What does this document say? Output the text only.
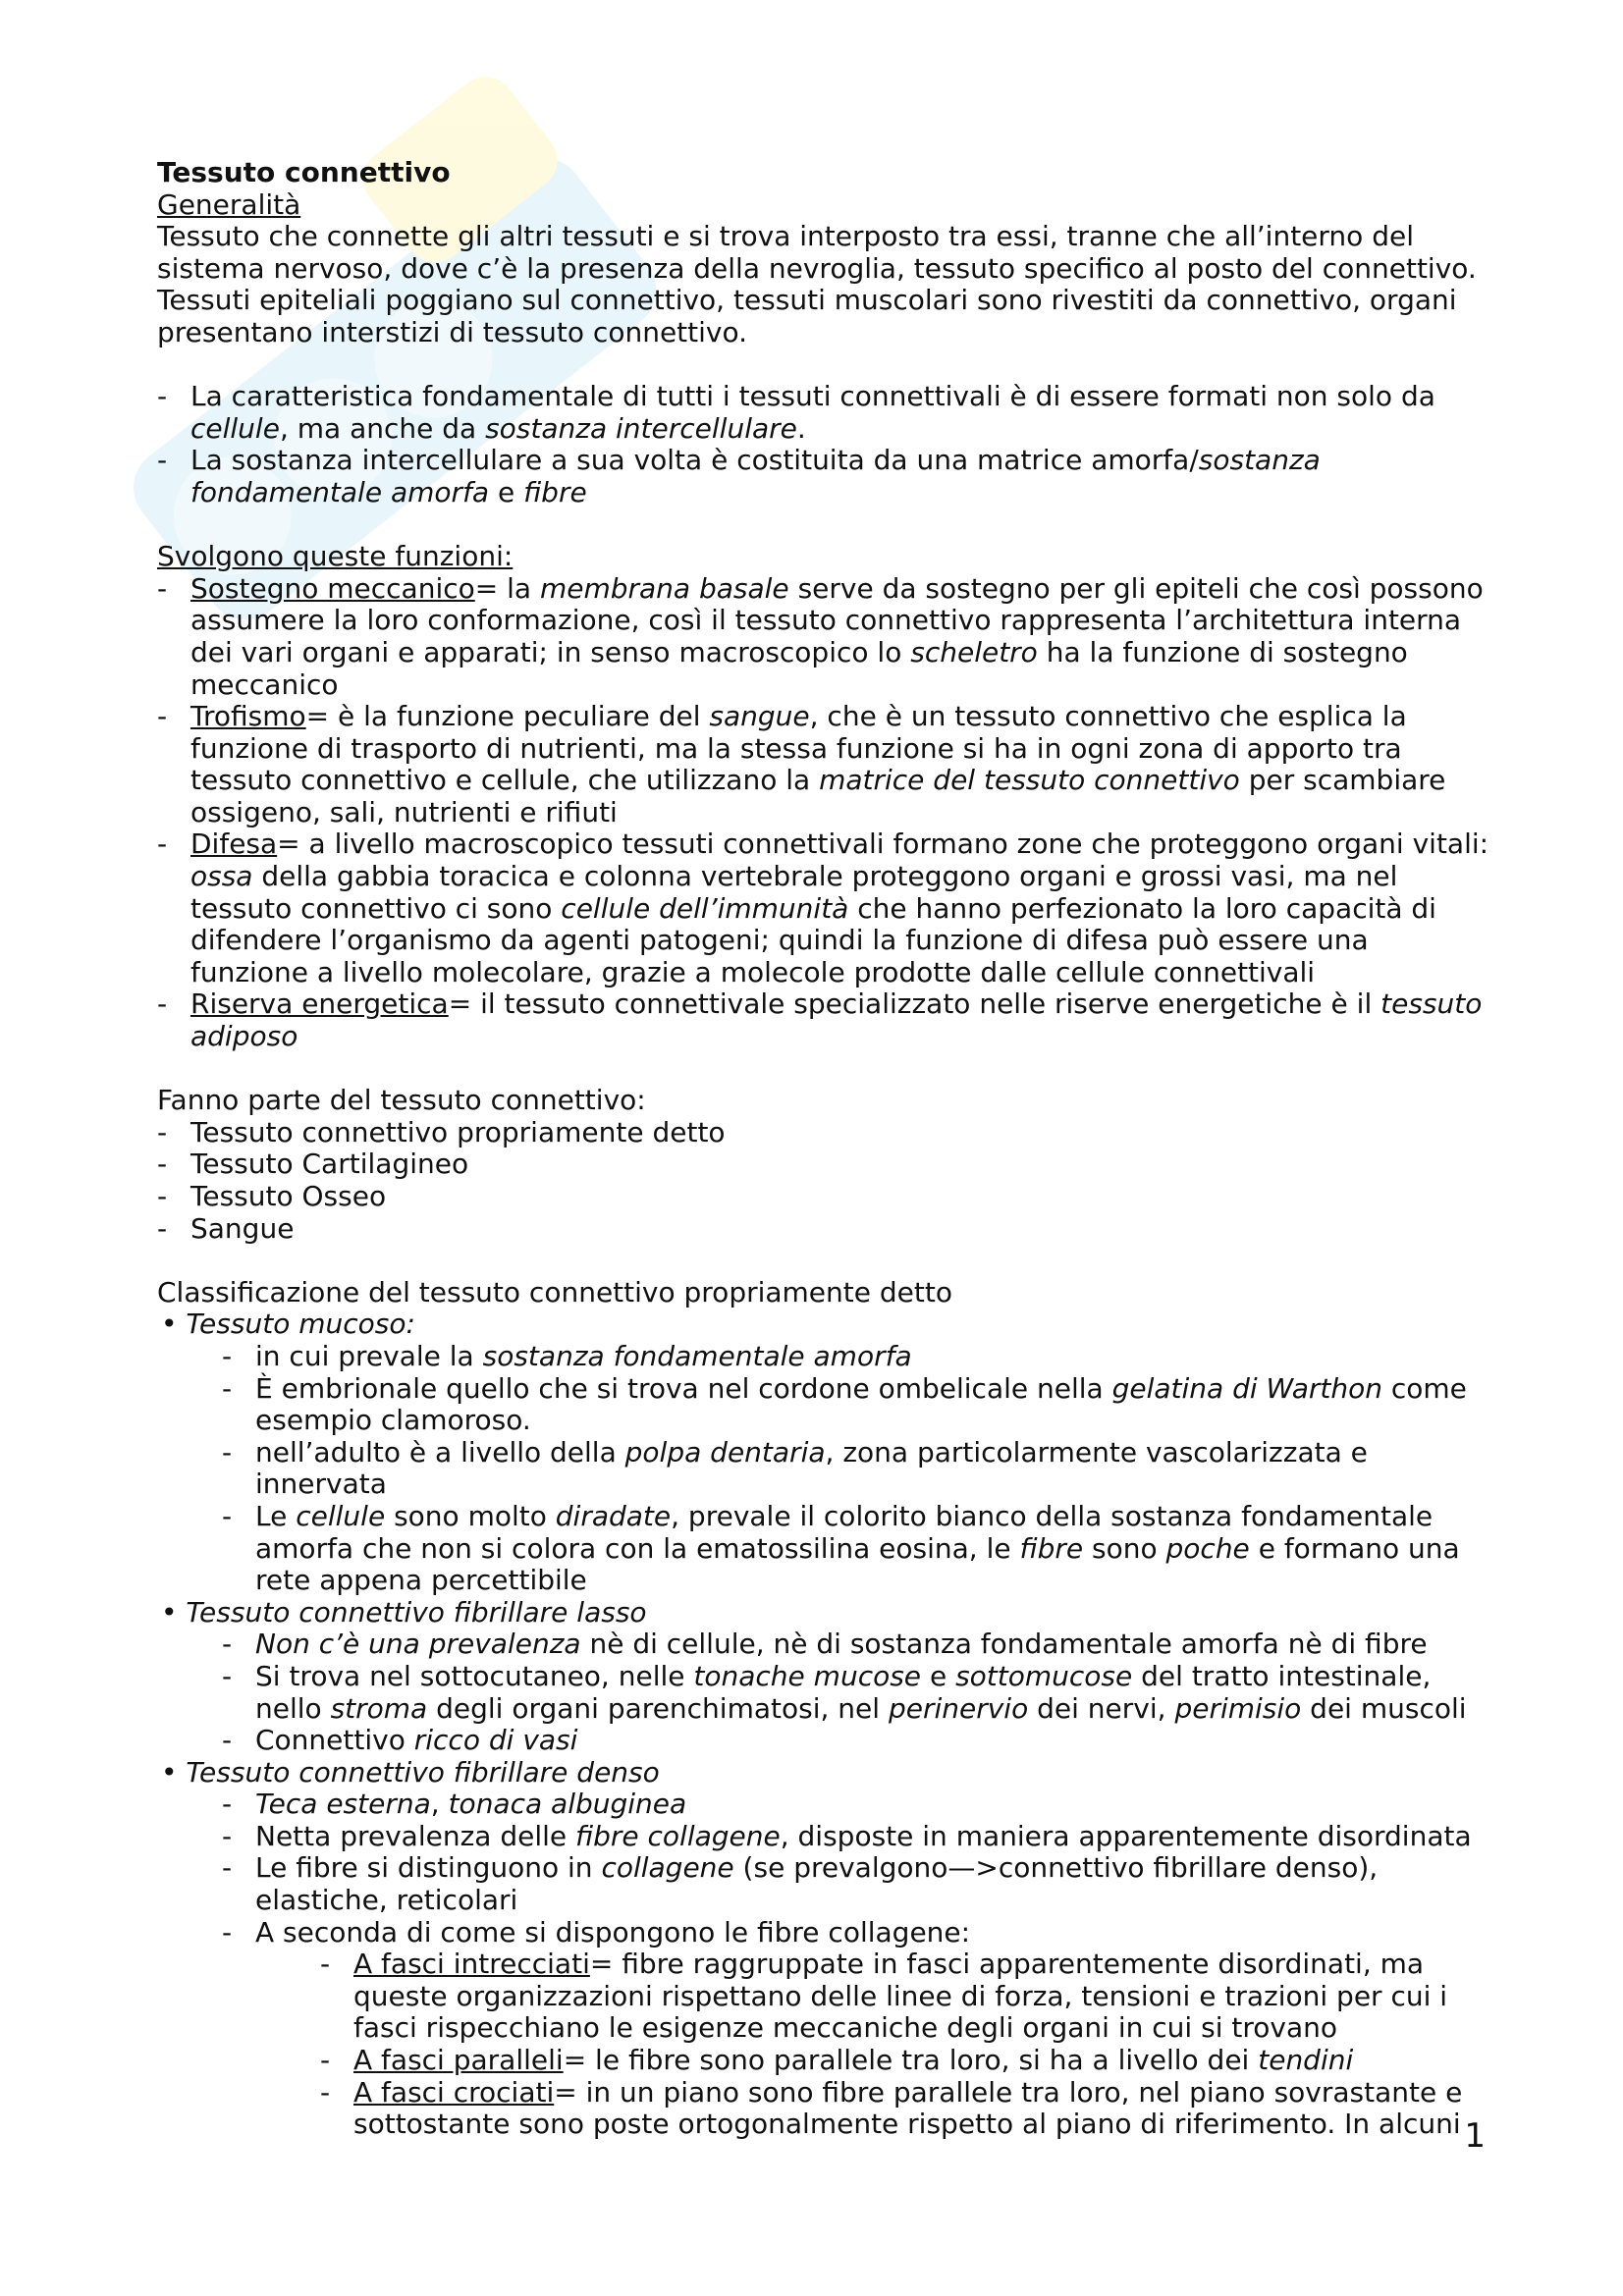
Tessuto connettivo

Generalità

Tessuto che connette gli altri tessuti e si trova interposto tra essi, tranne che all’interno del sistema nervoso, dove c’è la presenza della nevroglia, tessuto specifico al posto del connettivo. Tessuti epiteliali poggiano sul connettivo, tessuti muscolari sono rivestiti da connettivo, organi presentano interstizi di tessuto connettivo.

- La caratteristica fondamentale di tutti i tessuti connettivali è di essere formati non solo da cellule, ma anche da sostanza intercellulare.
- La sostanza intercellulare a sua volta è costituita da una matrice amorfa/sostanza fondamentale amorfa e fibre

Svolgono queste funzioni:

- Sostegno meccanico= la membrana basale serve da sostegno per gli epiteli che così possono assumere la loro conformazione, così il tessuto connettivo rappresenta l’architettura interna dei vari organi e apparati; in senso macroscopico lo scheletro ha la funzione di sostegno meccanico
- Trofismo= è la funzione peculiare del sangue, che è un tessuto connettivo che esplica la funzione di trasporto di nutrienti, ma la stessa funzione si ha in ogni zona di apporto tra tessuto connettivo e cellule, che utilizzano la matrice del tessuto connettivo per scambiare ossigeno, sali, nutrienti e rifiuti
- Difesa= a livello macroscopico tessuti connettivali formano zone che proteggono organi vitali: ossa della gabbia toracica e colonna vertebrale proteggono organi e grossi vasi, ma nel tessuto connettivo ci sono cellule dell’immunità che hanno perfezionato la loro capacità di difendere l’organismo da agenti patogeni; quindi la funzione di difesa può essere una funzione a livello molecolare, grazie a molecole prodotte dalle cellule connettivali
- Riserva energetica= il tessuto connettivale specializzato nelle riserve energetiche è il tessuto adiposo

Fanno parte del tessuto connettivo:

- Tessuto connettivo propriamente detto
- Tessuto Cartilagineo
- Tessuto Osseo
- Sangue

Classificazione del tessuto connettivo propriamente detto

• Tessuto mucoso:

- in cui prevale la sostanza fondamentale amorfa
- È embrionale quello che si trova nel cordone ombelicale nella gelatina di Warthon come esempio clamoroso.
- nell’adulto è a livello della polpa dentaria, zona particolarmente vascolarizzata e innervata
- Le cellule sono molto diradate, prevale il colorito bianco della sostanza fondamentale amorfa che non si colora con la ematossilina eosina, le fibre sono poche e formano una rete appena percettibile

• Tessuto connettivo fibrillare lasso

- Non c’è una prevalenza nè di cellule, nè di sostanza fondamentale amorfa nè di fibre
- Si trova nel sottocutaneo, nelle tonache mucose e sottomucose del tratto intestinale, nello stroma degli organi parenchimatosi, nel perinervio dei nervi, perimisio dei muscoli
- Connettivo ricco di vasi

• Tessuto connettivo fibrillare denso

- Teca esterna, tonaca albuginea
- Netta prevalenza delle fibre collagene, disposte in maniera apparentemente disordinata
- Le fibre si distinguono in collagene (se prevalgono—>connettivo fibrillare denso), elastiche, reticolari
- A seconda di come si dispongono le fibre collagene:
- A fasci intrecciati= fibre raggruppate in fasci apparentemente disordinati, ma queste organizzazioni rispettano delle linee di forza, tensioni e trazioni per cui i fasci rispecchiano le esigenze meccaniche degli organi in cui si trovano
- A fasci paralleli= le fibre sono parallele tra loro, si ha a livello dei tendini
- A fasci crociati= in un piano sono fibre parallele tra loro, nel piano sovrastante e sottostante sono poste ortogonalmente rispetto al piano di riferimento. In alcuni 1
